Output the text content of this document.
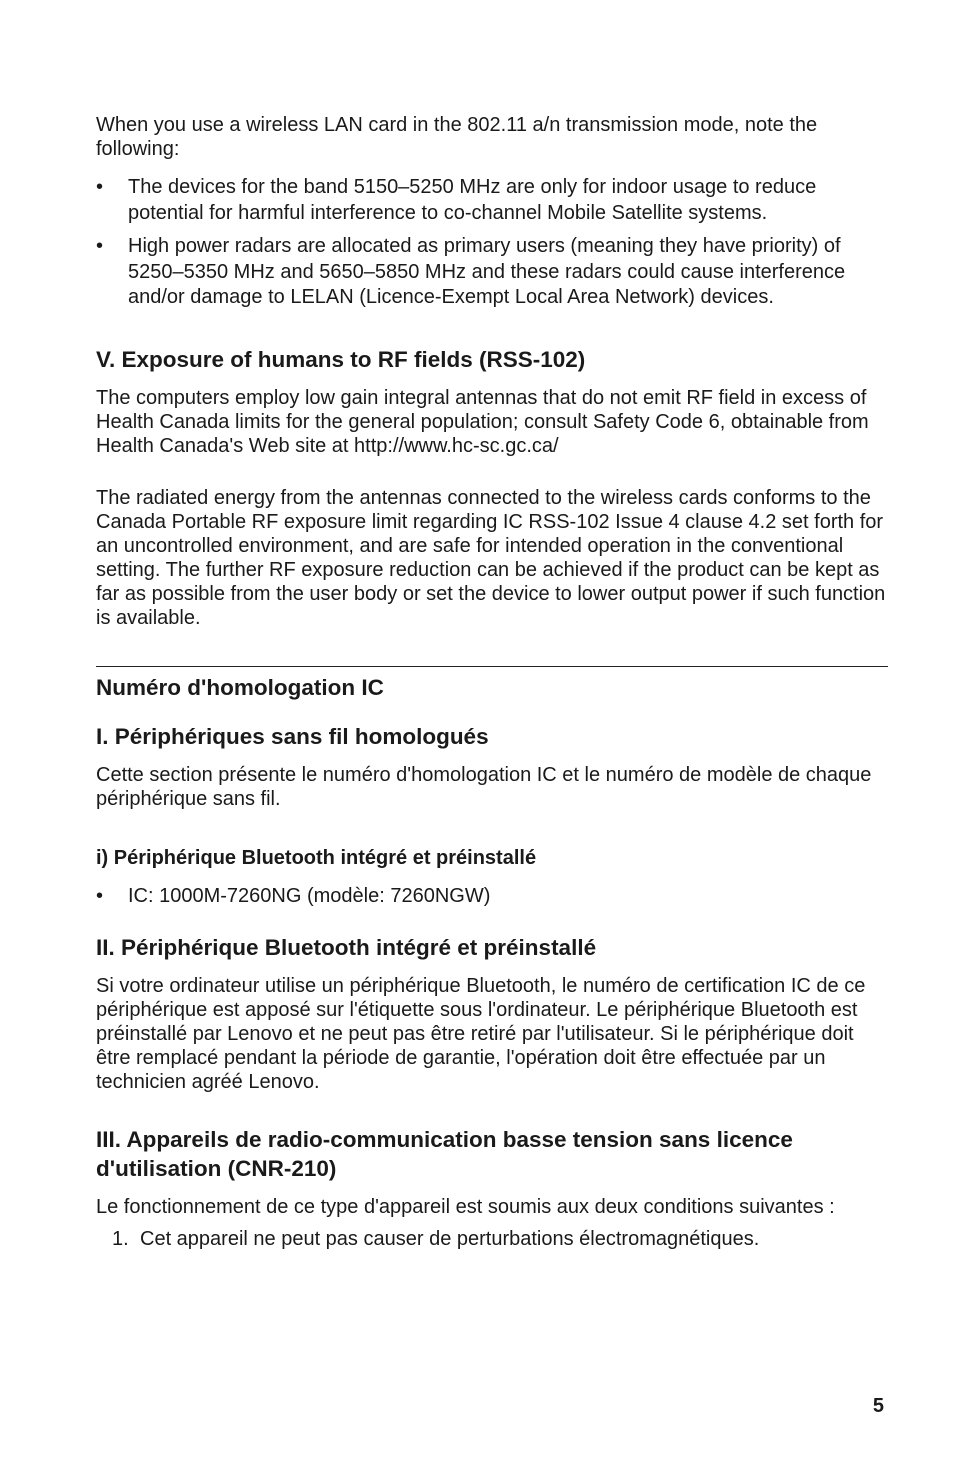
When you use a wireless LAN card in the 802.11 a/n transmission mode, note the following:

•	The devices for the band 5150–5250 MHz are only for indoor usage to reduce potential for harmful interference to co-channel Mobile Satellite systems.
•	High power radars are allocated as primary users (meaning they have priority) of 5250–5350 MHz and 5650–5850 MHz and these radars could cause interference and/or damage to LELAN (Licence-Exempt Local Area Network) devices.
V. Exposure of humans to RF fields (RSS-102)

The computers employ low gain integral antennas that do not emit RF field in excess of Health Canada limits for the general population; consult Safety Code 6, obtainable from Health Canada's Web site at http://www.hc-sc.gc.ca/

The radiated energy from the antennas connected to the wireless cards conforms to the Canada Portable RF exposure limit regarding IC RSS-102 Issue 4 clause 4.2 set forth for an uncontrolled environment, and are safe for intended operation in the conventional setting. The further RF exposure reduction can be achieved if the product can be kept as far as possible from the user body or set the device to lower output power if such function is available.

Numéro d'homologation IC
I. Périphériques sans fil homologués

Cette section présente le numéro d'homologation IC et le numéro de modèle de chaque périphérique sans fil.

i) Périphérique Bluetooth intégré et préinstallé
•	IC: 1000M-7260NG (modèle: 7260NGW)
II. Périphérique Bluetooth intégré et préinstallé

Si votre ordinateur utilise un périphérique Bluetooth, le numéro de certification IC de ce périphérique est apposé sur l'étiquette sous l'ordinateur. Le périphérique Bluetooth est préinstallé par Lenovo et ne peut pas être retiré par l'utilisateur. Si le périphérique doit être remplacé pendant la période de garantie, l'opération doit être effectuée par un technicien agréé Lenovo.

III. Appareils de radio-communication basse tension sans licence d'utilisation (CNR-210)

Le fonctionnement de ce type d'appareil est soumis aux deux conditions suivantes :

1. Cet appareil ne peut pas causer de perturbations électromagnétiques.
5
